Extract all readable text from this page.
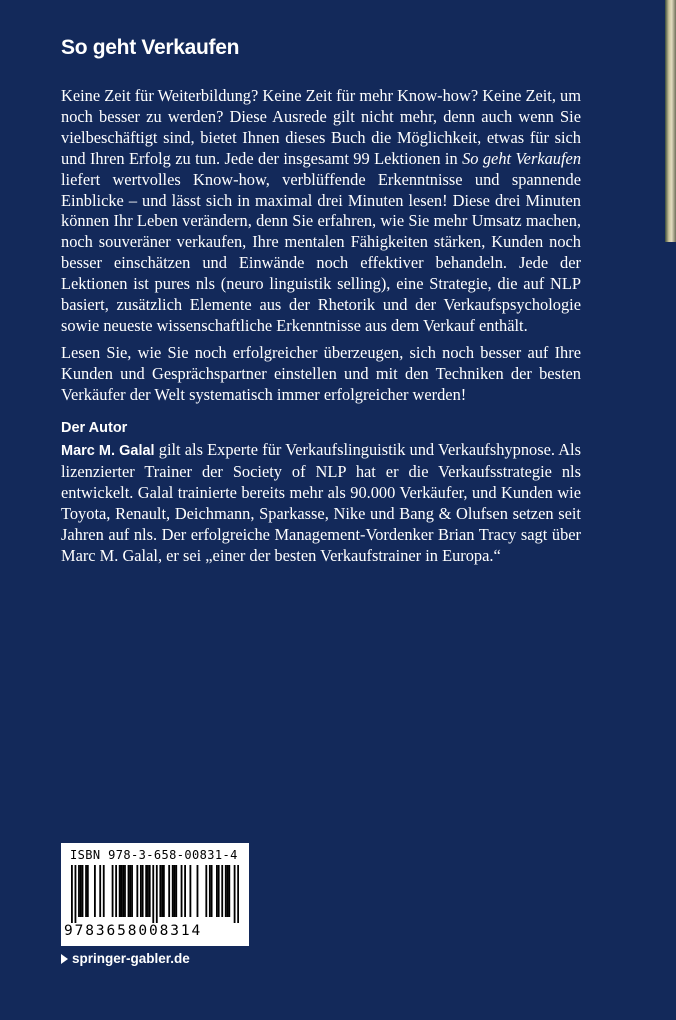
So geht Verkaufen

Keine Zeit für Weiterbildung? Keine Zeit für mehr Know-how? Keine Zeit, um noch besser zu werden? Diese Ausrede gilt nicht mehr, denn auch wenn Sie vielbeschäftigt sind, bietet Ihnen dieses Buch die Möglichkeit, etwas für sich und Ihren Erfolg zu tun. Jede der insgesamt 99 Lektionen in So geht Verkaufen liefert wertvolles Know-how, verblüffende Erkenntnisse und spannende Einblicke – und lässt sich in maximal drei Minuten lesen! Diese drei Minuten können Ihr Leben verändern, denn Sie erfahren, wie Sie mehr Umsatz machen, noch souveräner verkaufen, Ihre mentalen Fähigkeiten stärken, Kunden noch besser einschätzen und Einwände noch effektiver behandeln. Jede der Lektionen ist pures nls (neuro linguistik selling), eine Strategie, die auf NLP basiert, zusätzlich Elemente aus der Rhetorik und der Verkaufspsychologie sowie neueste wissenschaftliche Erkenntnisse aus dem Verkauf enthält.

Lesen Sie, wie Sie noch erfolgreicher überzeugen, sich noch besser auf Ihre Kunden und Gesprächspartner einstellen und mit den Techniken der besten Verkäufer der Welt systematisch immer erfolgreicher werden!

Der Autor

Marc M. Galal gilt als Experte für Verkaufslinguistik und Verkaufshypnose. Als lizenzierter Trainer der Society of NLP hat er die Verkaufsstrategie nls entwickelt. Galal trainierte bereits mehr als 90.000 Verkäufer, und Kunden wie Toyota, Renault, Deichmann, Sparkasse, Nike und Bang & Olufsen setzen seit Jahren auf nls. Der erfolgreiche Management-Vordenker Brian Tracy sagt über Marc M. Galal, er sei „einer der besten Verkaufstrainer in Europa.“

ISBN 978-3-658-00831-4
9783658008314
springer-gabler.de
